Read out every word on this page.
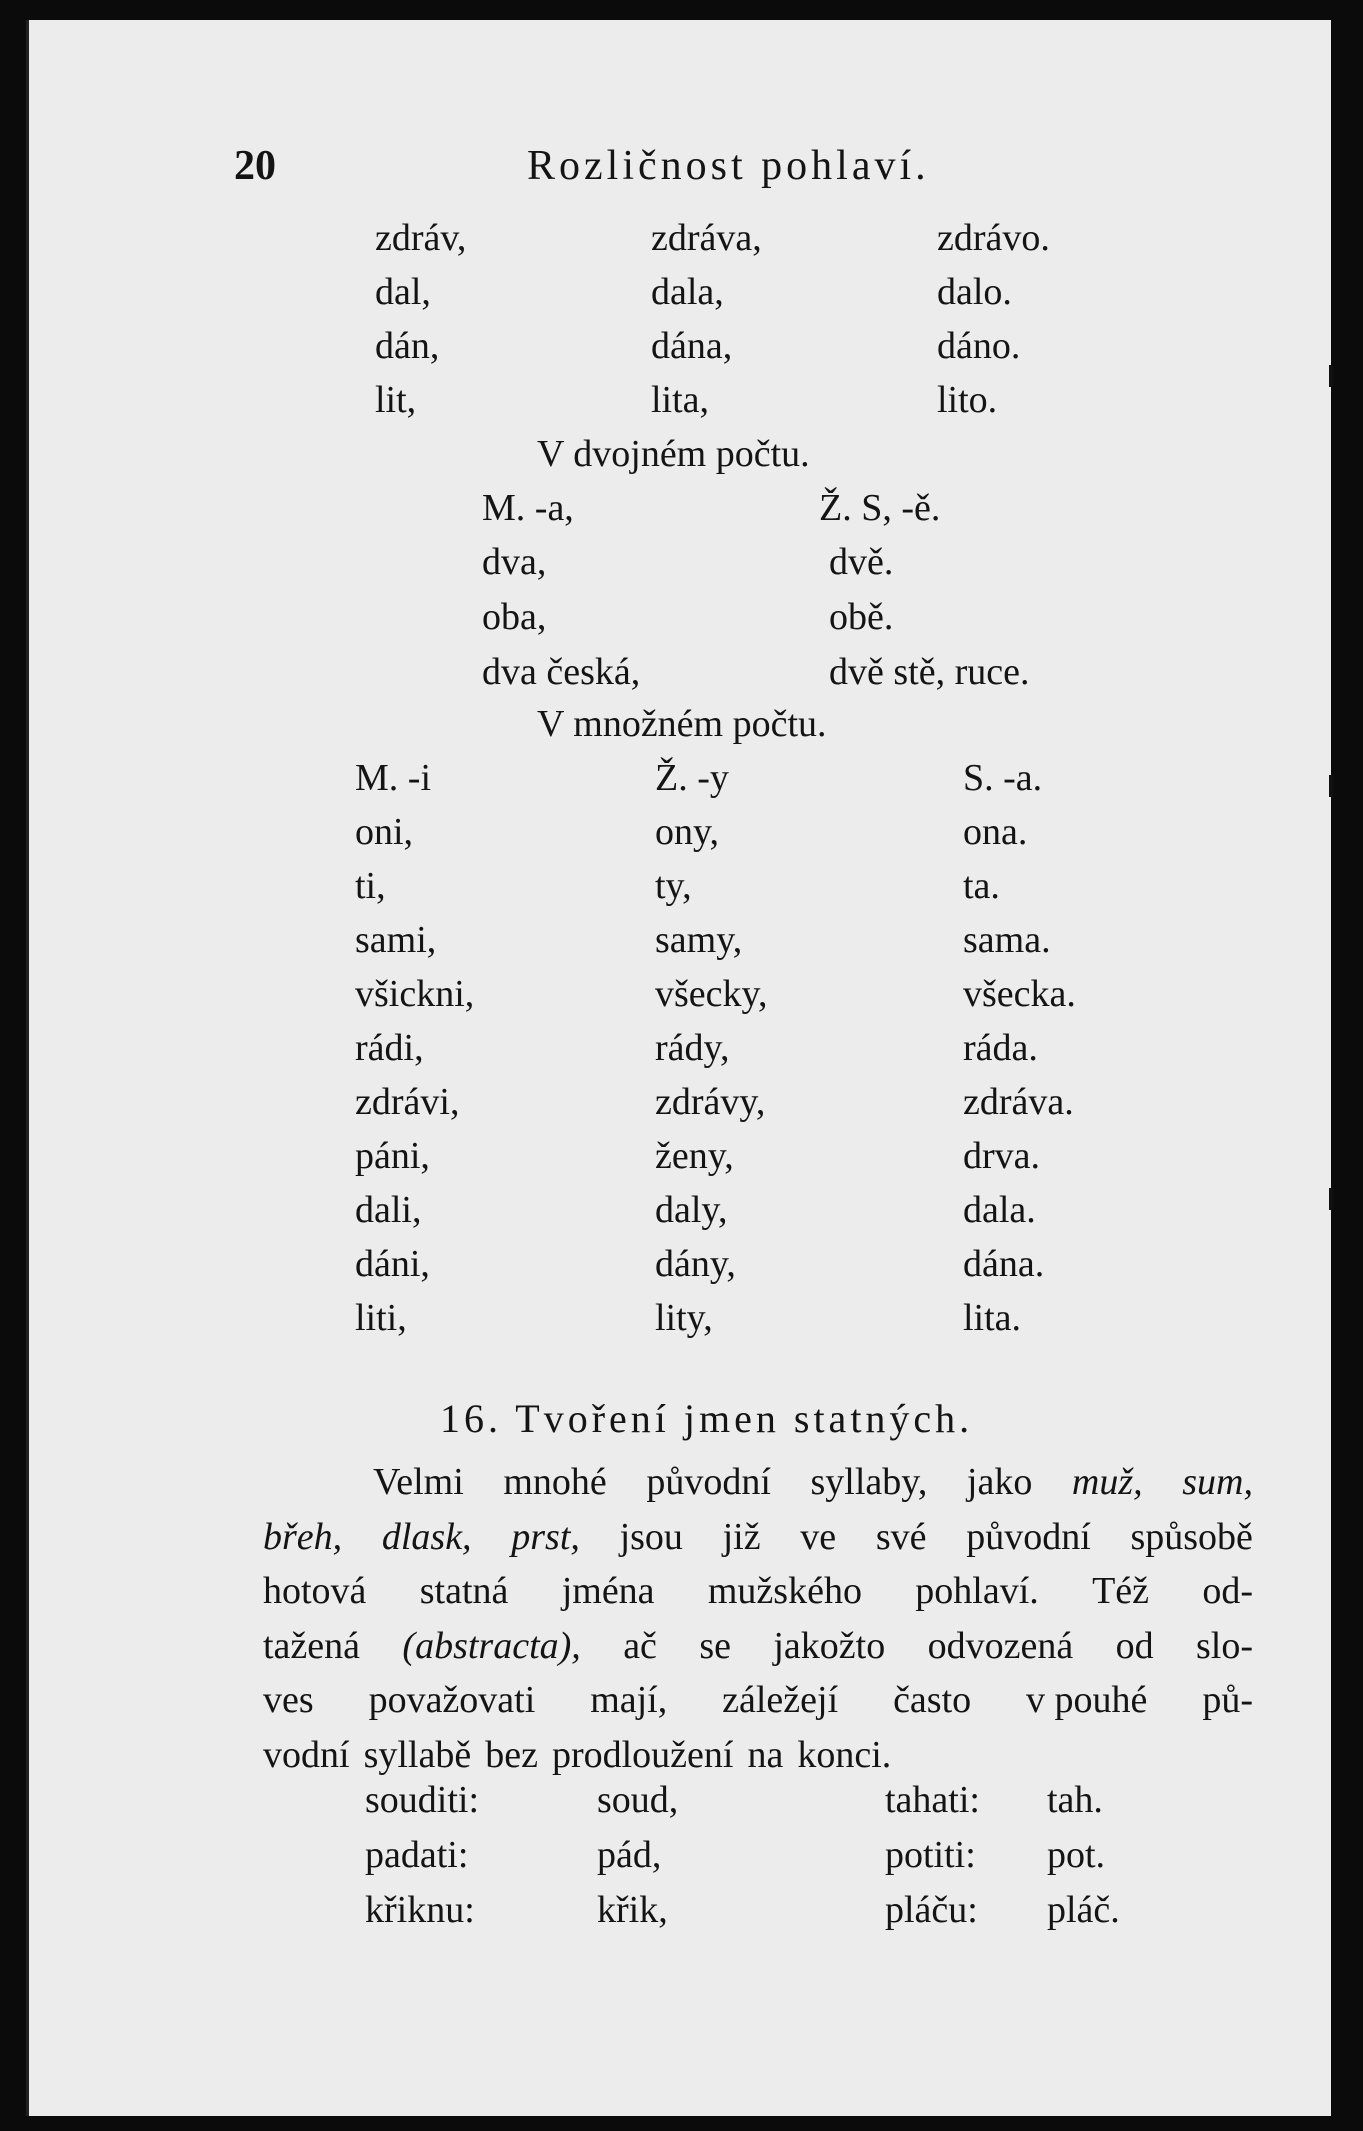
20	Rozličnost pohlaví.
zdráv,	zdráva,	zdrávo.
dal,	dala,	dalo.
dán,	dána,	dáno.
lit,	lita,	lito.
V dvojném počtu.
M. -a,	Ž. S, -ě.
dva,	dvě.
oba,	obě.
dva česká,	dvě stě, ruce.
V množném počtu.
M. -i	Ž. -y	S. -a.
oni,	ony,	ona.
ti,	ty,	ta.
sami,	samy,	sama.
všickni,	všecky,	všecka.
rádi,	rády,	ráda.
zdrávi,	zdrávy,	zdráva.
páni,	ženy,	drva.
dali,	daly,	dala.
dáni,	dány,	dána.
liti,	lity,	lita.
16. Tvoření jmen statných.
Velmi mnohé původní syllaby, jako muž, sum,
břeh, dlask, prst, jsou již ve své původní spůsobě
hotová statná jména mužského pohlaví. Též od-
tažená (abstracta), ač se jakožto odvozená od slo-
ves považovati mají, záležejí často v pouhé pů-
vodní syllabě bez prodloužení na konci.
souditi:	soud,	tahati: tah.
padati:	pád,	potiti: pot.
křiknu:	křik,	pláču: pláč.
